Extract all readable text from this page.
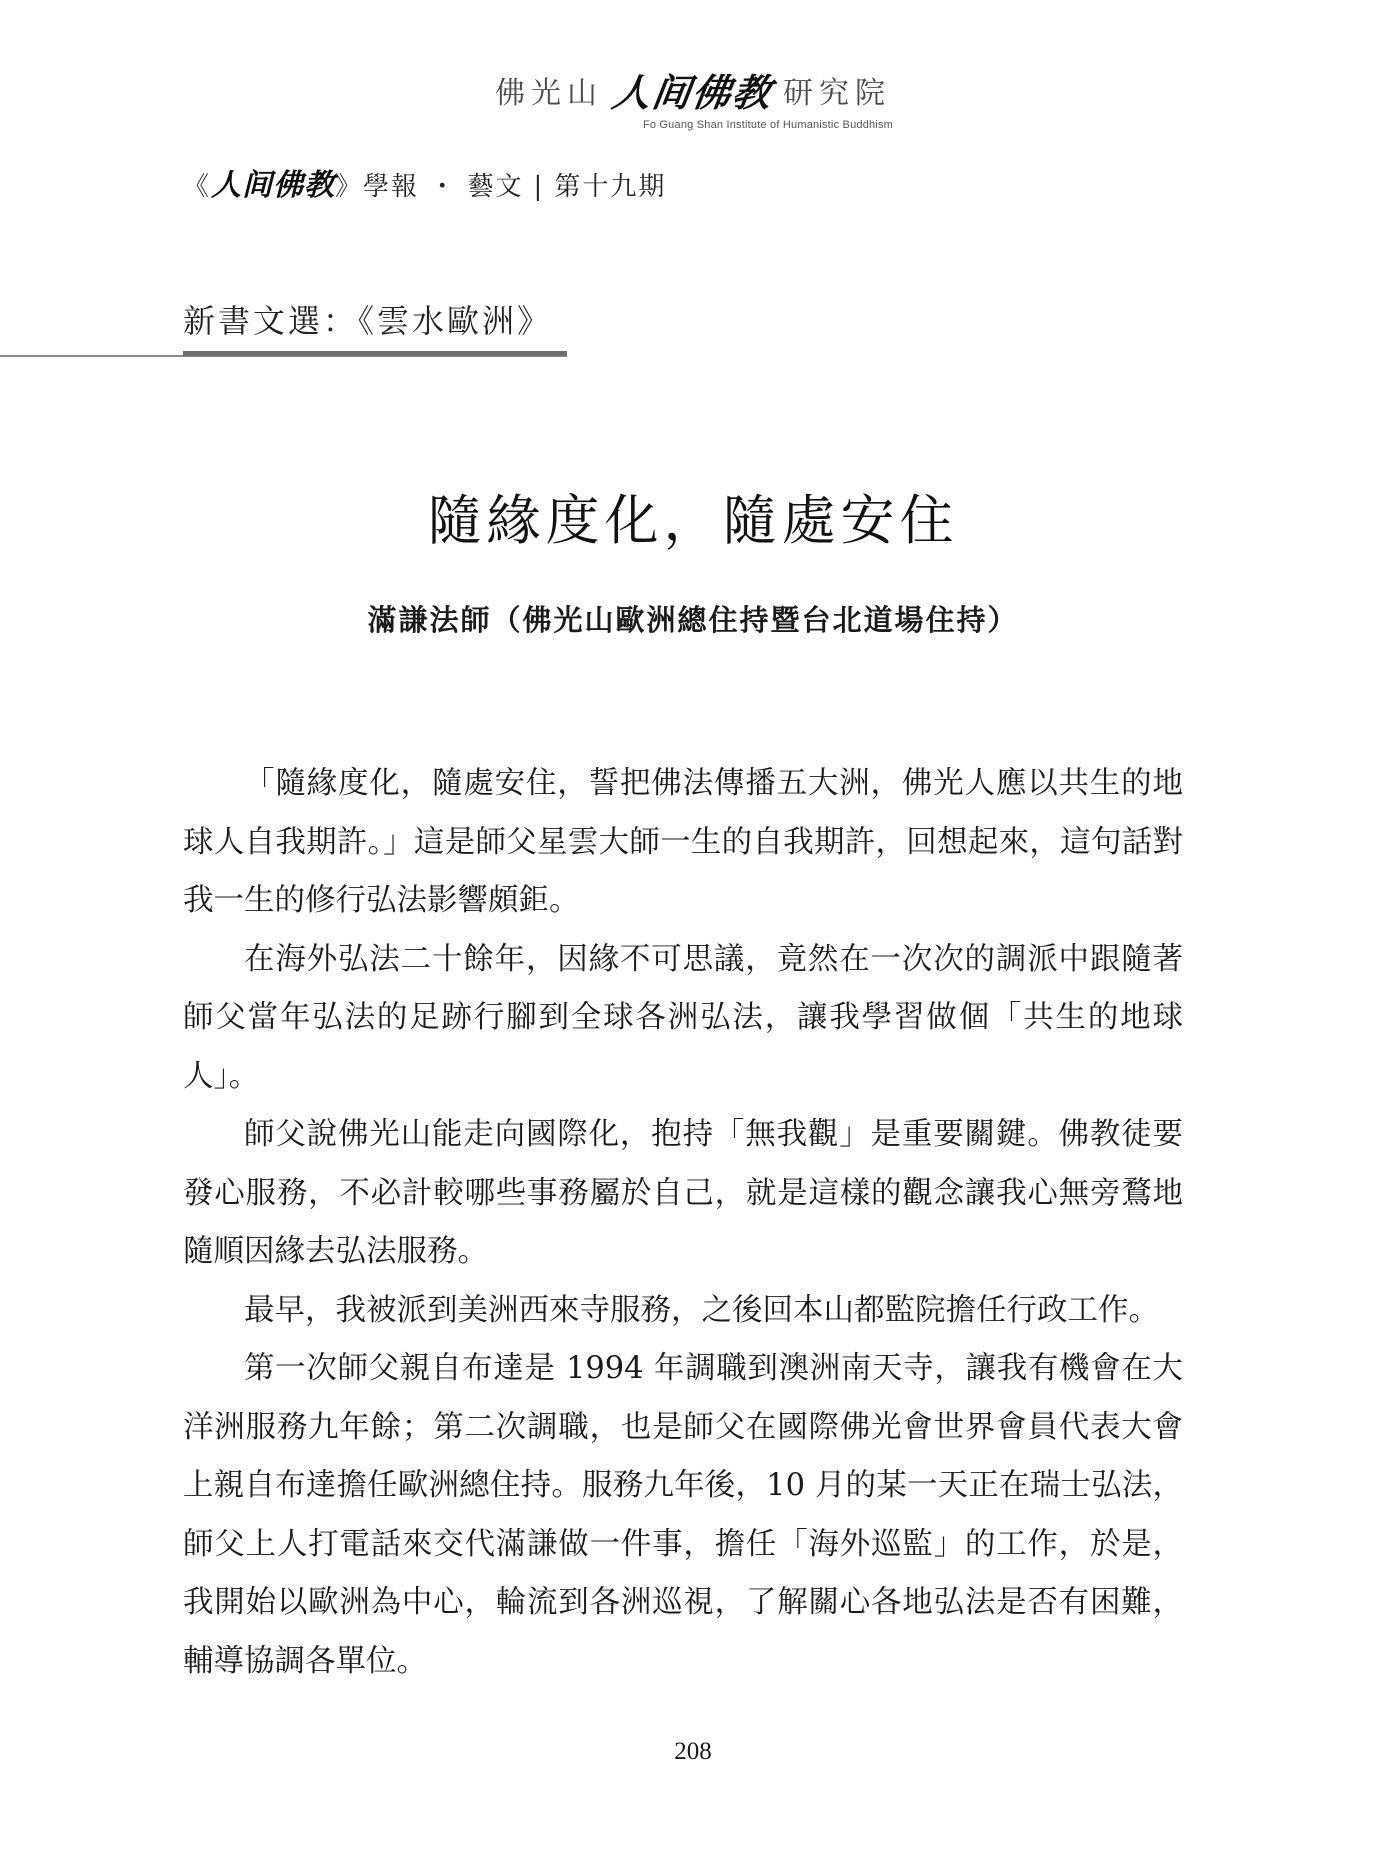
佛光山 人间佛教 研究院
Fo Guang Shan Institute of Humanistic Buddhism
《 人间佛教 》學報 ・ 藝文 | 第十九期
新書文選：《雲水歐洲》
隨緣度化，隨處安住
滿謙法師（佛光山歐洲總住持暨台北道場住持）

「隨緣度化，隨處安住，誓把佛法傳播五大洲，佛光人應以共生的地球人自我期許。」這是師父星雲大師一生的自我期許，回想起來，這句話對我一生的修行弘法影響頗鉅。

在海外弘法二十餘年，因緣不可思議，竟然在一次次的調派中跟隨著師父當年弘法的足跡行腳到全球各洲弘法，讓我學習做個「共生的地球人」。

師父說佛光山能走向國際化，抱持「無我觀」是重要關鍵。佛教徒要發心服務，不必計較哪些事務屬於自己，就是這樣的觀念讓我心無旁鶩地隨順因緣去弘法服務。

最早，我被派到美洲西來寺服務，之後回本山都監院擔任行政工作。

第一次師父親自布達是 1994 年調職到澳洲南天寺，讓我有機會在大洋洲服務九年餘；第二次調職，也是師父在國際佛光會世界會員代表大會上親自布達擔任歐洲總住持。服務九年後，10 月的某一天正在瑞士弘法，師父上人打電話來交代滿謙做一件事，擔任「海外巡監」的工作，於是，我開始以歐洲為中心，輪流到各洲巡視，了解關心各地弘法是否有困難，輔導協調各單位。

208
